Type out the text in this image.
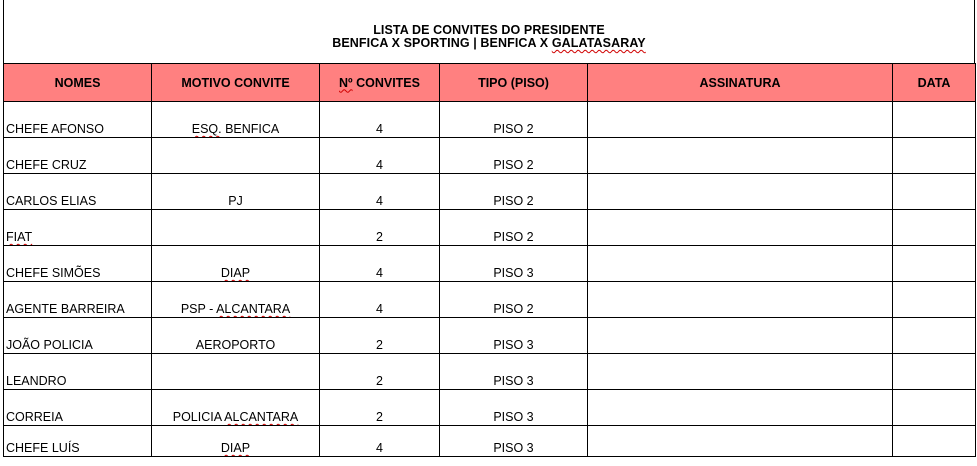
LISTA DE CONVITES DO PRESIDENTE
BENFICA X SPORTING | BENFICA X GALATASARAY
NOMES	MOTIVO CONVITE	Nº CONVITES	TIPO (PISO)	ASSINATURA	DATA
CHEFE AFONSO	ESQ. BENFICA	4	PISO 2		
CHEFE CRUZ		4	PISO 2		
CARLOS ELIAS	PJ	4	PISO 2		
FIAT		2	PISO 2		
CHEFE SIMÕES	DIAP	4	PISO 3		
AGENTE BARREIRA	PSP - ALCANTARA	4	PISO 2		
JOÃO POLICIA	AEROPORTO	2	PISO 3		
LEANDRO		2	PISO 3		
CORREIA	POLICIA ALCANTARA	2	PISO 3		
CHEFE LUÍS	DIAP	4	PISO 3		
